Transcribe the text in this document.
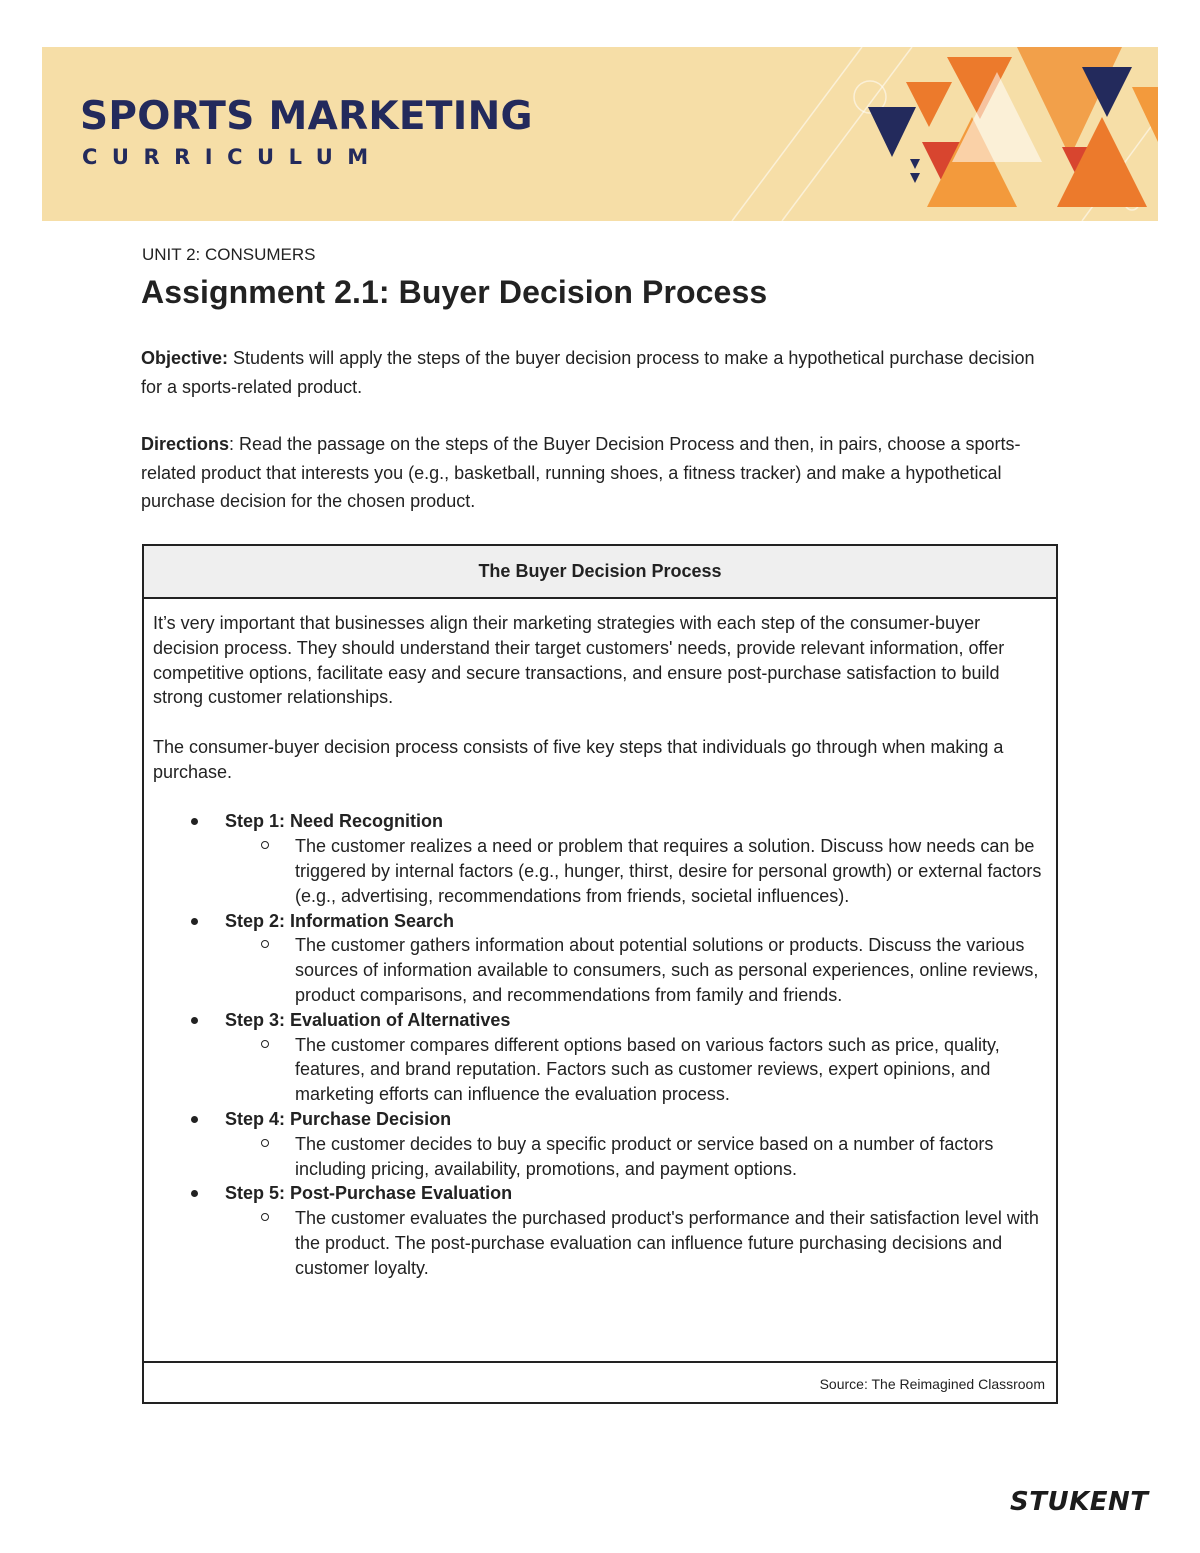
SPORTS MARKETING
CURRICULUM
UNIT 2: CONSUMERS
Assignment 2.1: Buyer Decision Process

Objective: Students will apply the steps of the buyer decision process to make a hypothetical purchase decision for a sports-related product.

Directions: Read the passage on the steps of the Buyer Decision Process and then, in pairs, choose a sports-related product that interests you (e.g., basketball, running shoes, a fitness tracker) and make a hypothetical purchase decision for the chosen product.

The Buyer Decision Process

It’s very important that businesses align their marketing strategies with each step of the consumer-buyer decision process. They should understand their target customers' needs, provide relevant information, offer competitive options, facilitate easy and secure transactions, and ensure post-purchase satisfaction to build strong customer relationships.

The consumer-buyer decision process consists of five key steps that individuals go through when making a purchase.

Step 1: Need Recognition
The customer realizes a need or problem that requires a solution. Discuss how needs can be triggered by internal factors (e.g., hunger, thirst, desire for personal growth) or external factors (e.g., advertising, recommendations from friends, societal influences).
Step 2: Information Search
The customer gathers information about potential solutions or products. Discuss the various sources of information available to consumers, such as personal experiences, online reviews, product comparisons, and recommendations from family and friends.
Step 3: Evaluation of Alternatives
The customer compares different options based on various factors such as price, quality, features, and brand reputation. Factors such as customer reviews, expert opinions, and marketing efforts can influence the evaluation process.
Step 4: Purchase Decision
The customer decides to buy a specific product or service based on a number of factors including pricing, availability, promotions, and payment options.
Step 5: Post-Purchase Evaluation
The customer evaluates the purchased product's performance and their satisfaction level with the product. The post-purchase evaluation can influence future purchasing decisions and customer loyalty.
Source: The Reimagined Classroom
STUKENT
